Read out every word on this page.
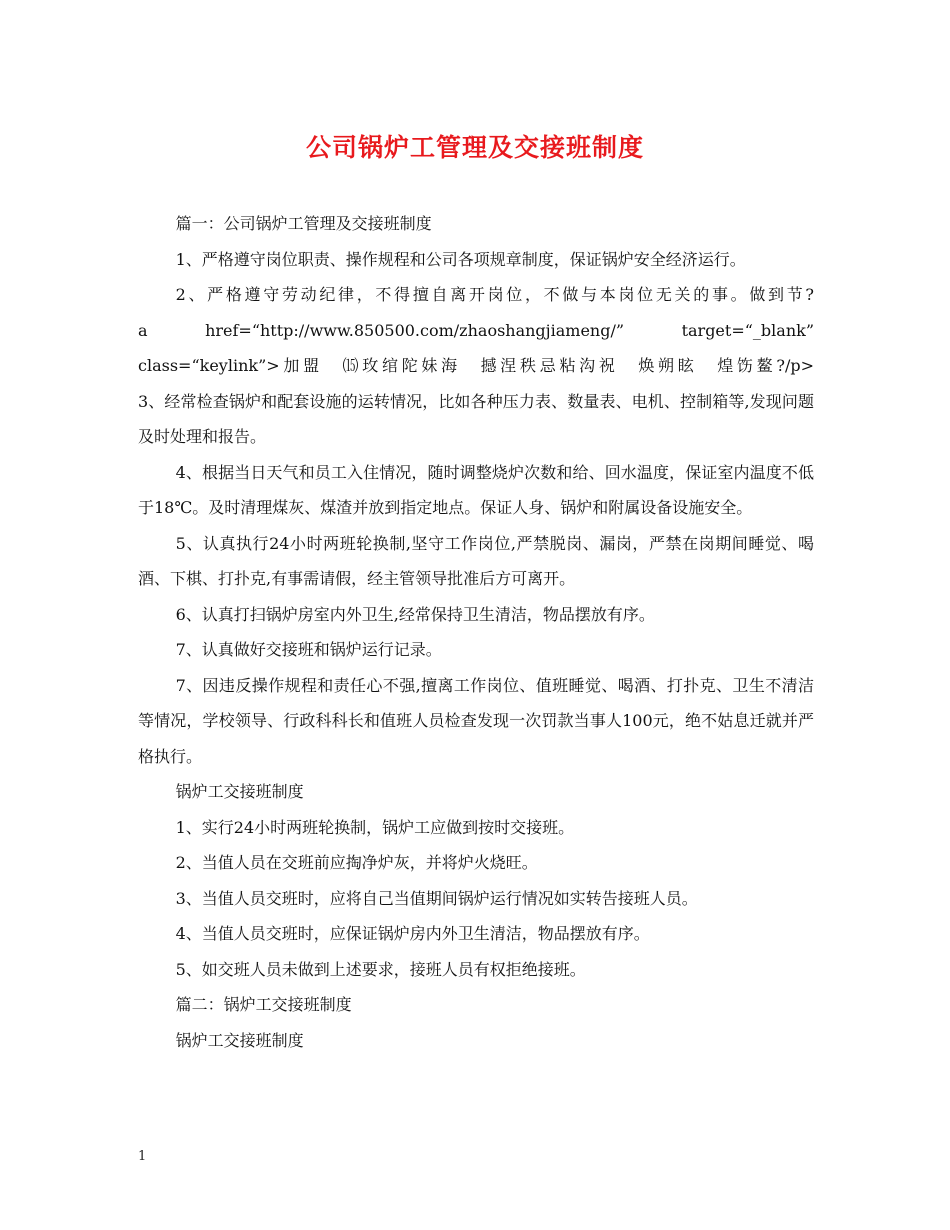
公司锅炉工管理及交接班制度

篇一：公司锅炉工管理及交接班制度

1、严格遵守岗位职责、操作规程和公司各项规章制度，保证锅炉安全经济运行。

2、严格遵守劳动纪律，不得擅自离开岗位，不做与本岗位无关的事。做到节?

a　href=“http://www.850500.com/zhaoshangjiameng/”　target=“_blank”

class=“keylink”>加盟　⒂玫绾陀妹海　撼涅秩忌粘沟祝　焕朔眩　煌饬鳌?/p>

3、经常检查锅炉和配套设施的运转情况，比如各种压力表、数量表、电机、控制箱等,发现问题及时处理和报告。

4、根据当日天气和员工入住情况，随时调整烧炉次数和给、回水温度，保证室内温度不低于18℃。及时清理煤灰、煤渣并放到指定地点。保证人身、锅炉和附属设备设施安全。

5、认真执行24小时两班轮换制,坚守工作岗位,严禁脱岗、漏岗，严禁在岗期间睡觉、喝酒、下棋、打扑克,有事需请假，经主管领导批准后方可离开。

6、认真打扫锅炉房室内外卫生,经常保持卫生清洁，物品摆放有序。

7、认真做好交接班和锅炉运行记录。

7、因违反操作规程和责任心不强,擅离工作岗位、值班睡觉、喝酒、打扑克、卫生不清洁等情况，学校领导、行政科科长和值班人员检查发现一次罚款当事人100元，绝不姑息迁就并严格执行。

锅炉工交接班制度

1、实行24小时两班轮换制，锅炉工应做到按时交接班。

2、当值人员在交班前应掏净炉灰，并将炉火烧旺。

3、当值人员交班时，应将自己当值期间锅炉运行情况如实转告接班人员。

4、当值人员交班时，应保证锅炉房内外卫生清洁，物品摆放有序。

5、如交班人员未做到上述要求，接班人员有权拒绝接班。

篇二：锅炉工交接班制度

锅炉工交接班制度

1
